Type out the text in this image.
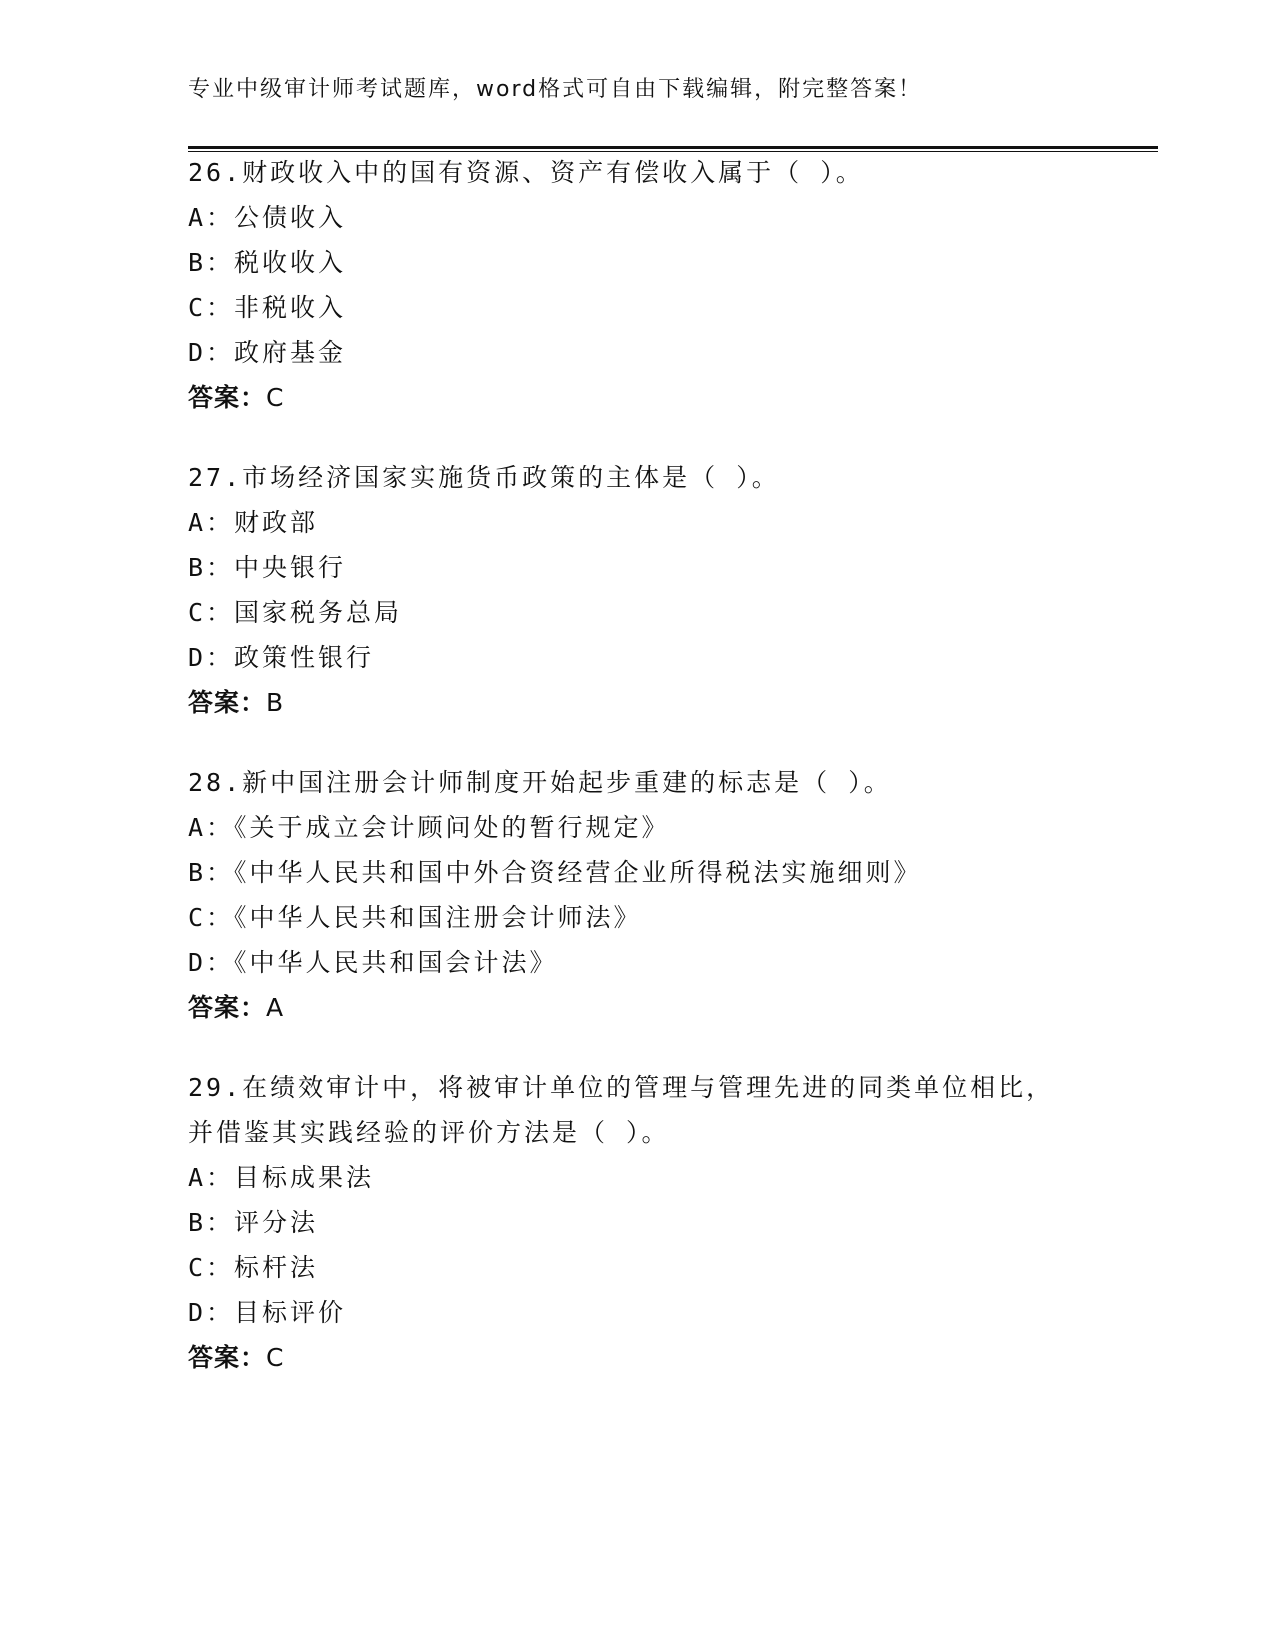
专业中级审计师考试题库，word格式可自由下载编辑，附完整答案！
26.财政收入中的国有资源、资产有偿收入属于（ ）。
A：公债收入
B：税收收入
C：非税收入
D：政府基金
答案：C
27.市场经济国家实施货币政策的主体是（ ）。
A：财政部
B：中央银行
C：国家税务总局
D：政策性银行
答案：B
28.新中国注册会计师制度开始起步重建的标志是（ ）。
A：《关于成立会计顾问处的暂行规定》
B：《中华人民共和国中外合资经营企业所得税法实施细则》
C：《中华人民共和国注册会计师法》
D：《中华人民共和国会计法》
答案：A
29.在绩效审计中，将被审计单位的管理与管理先进的同类单位相比，
并借鉴其实践经验的评价方法是（ ）。
A：目标成果法
B：评分法
C：标杆法
D：目标评价
答案：C
